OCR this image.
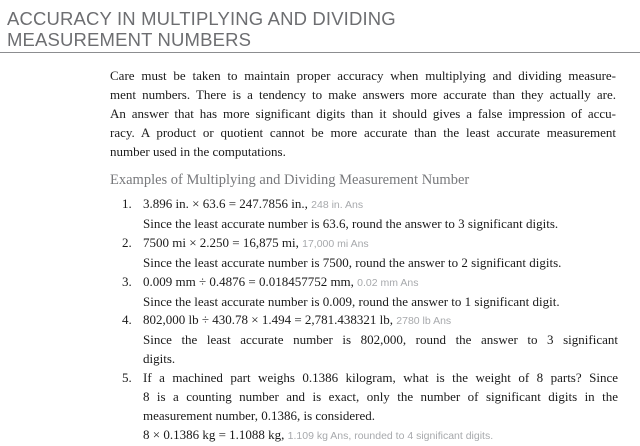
ACCURACY IN MULTIPLYING AND DIVIDING
MEASUREMENT NUMBERS
Care must be taken to maintain proper accuracy when multiplying and dividing measure-
ment numbers. There is a tendency to make answers more accurate than they actually are.
An answer that has more significant digits than it should gives a false impression of accu-
racy. A product or quotient cannot be more accurate than the least accurate measurement
number used in the computations.
Examples of Multiplying and Dividing Measurement Number
1. 3.896 in. × 63.6 = 247.7856 in., 248 in. Ans
Since the least accurate number is 63.6, round the answer to 3 significant digits.
2. 7500 mi × 2.250 = 16,875 mi, 17,000 mi Ans
Since the least accurate number is 7500, round the answer to 2 significant digits.
3. 0.009 mm ÷ 0.4876 = 0.018457752 mm, 0.02 mm Ans
Since the least accurate number is 0.009, round the answer to 1 significant digit.
4. 802,000 lb ÷ 430.78 × 1.494 = 2,781.438321 lb, 2780 lb Ans
Since the least accurate number is 802,000, round the answer to 3 significant
digits.
5. If a machined part weighs 0.1386 kilogram, what is the weight of 8 parts? Since
8 is a counting number and is exact, only the number of significant digits in the
measurement number, 0.1386, is considered.
8 × 0.1386 kg = 1.1088 kg, 1.109 kg Ans, rounded to 4 significant digits.
